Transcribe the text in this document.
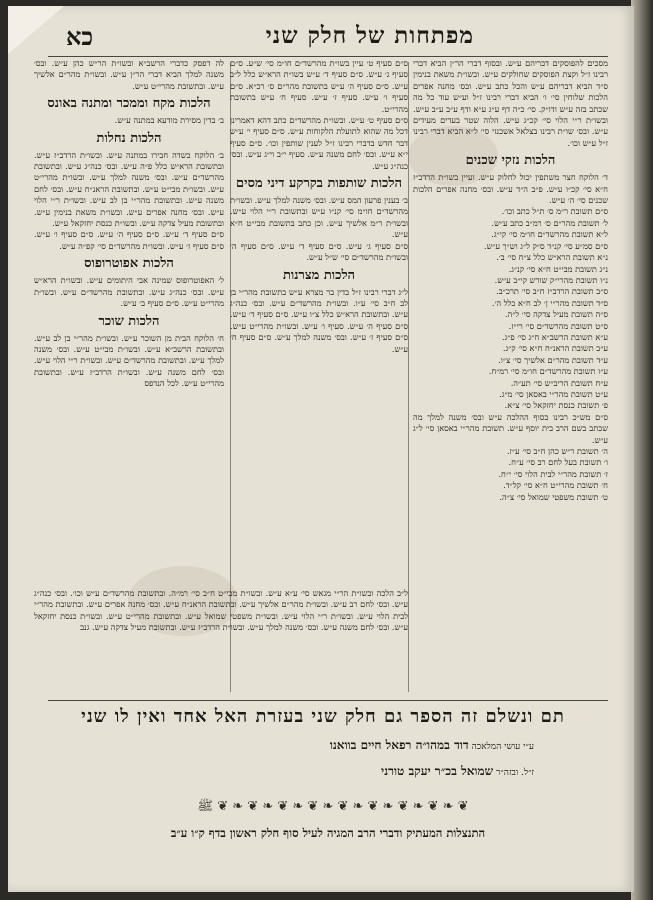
מפתחות של חלק שני
כא

מסכים להפוסקים דבריהם ע״ש. ובסוף דברי הר״ן הביא דברי רבינו ז״ל וקצת הפוסקים שחולקים ע״ש. ובשו״ת משאת בנימין ס״ד הביא דבריהם ע״ש והכל כתב ע״ש. ובס׳ מחנה אפרים הלכות שלוחין סי׳ ו׳ הביא דברי רבינו ז״ל וע״ש עוד כל מה שכתב בזה ע״ש ודו״ק. סי׳ כ״ה דף ע״ג ע״א ודף ע״ב ע״ב ע״ש. ובשו״ת ר״י הלוי סי׳ קכ״ג ע״ש. הלוה שטר בעדים מעידים ע״ש. ובס׳ שו״ת רבינו בצלאל אשכנזי סי׳ ל״א הביא דברי רבינו ז״ל ע״ש וכו׳.

הלכות נזקי שכנים

ד׳ הלוקח חצר משתפין יכול לחלוק ע״ש. ועיין בשו״ת הרדב״ז ח״א סי׳ קכ״ו ע״ש. פ״ב ה״ד ע״ש. ובס׳ מחנה אפרים הלכות שכנים סי׳ ה׳ ע״ש.

ס״ם תשובת ר״מ ס׳ ת״ל כתב וכו׳.

ל׳ תשובת מהר״ם ס׳ רמ״ב כתב ע״ש.

ל״א תשובת מהרשד״ם חו״מ סי׳ קי״ג.

ס״ם סמ״ע סי׳ קנ״ד ס״ק ל״ג וש״ך ע״ש.

נ״א תשובת הרא״ש כלל צ״ח סי׳ ב׳.

נ״ג תשובת מבי״ט ח״א סי׳ קנ״ג.

נ״ו תשובת מהרי״ק שורש קי״ב ע״ש.

ס״ב תשובת הרדב״ז ח״ב סי׳ תרכ״ב.

ס״ד תשובת מהר״י ן׳ לב ח״א כלל ה׳.

ס״ה תשובת מעיל צדקה סי׳ ל״ה.

ס״ט תשובת מהרשד״ם סי׳ רי״ז.

ע״א תשובת הרשב״א ח״ג סי׳ פ״ג.

ע״ב תשובת הראנ״ח ח״א סי׳ ק״ג.

ע״ד תשובת מהר״ם אלשיך סי׳ צ״ו.

ע״ו תשובת מהרשד״ם חו״מ סי׳ רמ״ח.

ע״ח תשובת הריב״ש סי׳ תע״ה.

ע״ט תשובת מהר״י באסאן סי׳ מ״ג.

פ׳ תשובת כנסת יחזקאל סי׳ צ״א.

ס״ם מש״כ רבינו בסוף ההלכה ע״ש ובס׳ משנה למלך מה שכתב בשם הרב בית יוסף ע״ש. תשובת מהר״י באסאן סי׳ ל״ג ע״ש.

ה׳ תשובת ר״ש כהן ח״ב סי׳ ע״ז.

ו׳ תשובת בעל לחם רב סי׳ ע״ח.

ז׳ תשובת מהר״י לבית הלוי סי׳ י״ח.

ח׳ תשובת מהרי״ט ח״א סי׳ קל״ד.

ט׳ תשובת משפטי שמואל סי׳ צ״ה.

ס״ם סעיף ט׳ עיין בשו״ת מהרשד״ם חו״מ סי׳ ש״ע. ס״ם סעיף ג׳ ע״ש. ס״ם סעיף ד׳ ע״ש בשו״ת הרא״ש כלל ל״ב ע״ש. ס״ם סעיף ה׳ ע״ש בתשובת מהר״ם ס׳ רכ״א. ס״ם סעיף ו׳ ע״ש. סעיף ז׳ ע״ש. סעיף ח׳ ע״ש בתשובת מהרי״ט.

ס״ם סעיף ט׳ ע״ש. ובשו״ת מהרשד״ם כתב דהא דאמרינן דכל מה שהוא לתועלת הלקוחות ע״ש. ס״ם סעיף י׳ ע״ש דבר חדש בדברי רבינו ז״ל לענין שותפין וכו׳. ס״ם סעיף י״א ע״ש. ובס׳ לחם משנה ע״ש. סעיף י״ב וי״ג ע״ש. ובס׳ כנה״ג ע״ש.

הלכות שותפות בקרקע דיני מסים

ב׳ בענין פרעון המס ע״ש. ובס׳ משנה למלך ע״ש. ובשו״ת מהרשד״ם חו״מ סי׳ קנ״ו ע״ש ובתשובת ר״י הלוי ע״ש. ובשו״ת ר״מ אלשיך ע״ש. וכן כתב בתשובת מבי״ט ח״א ע״ש.

ס״ם סעיף ג׳ ע״ש. ס״ם סעיף ד׳ ע״ש. ס״ם סעיף ה׳ ובשו״ת מהרשד״ם סי׳ ש״ל ע״ש.

הלכות מצרנות

ל״ג דברי רבינו ז״ל בדין בר מצרא ע״ש בתשובת מהר״י בן לב ח״ב סי׳ ע״ו. ובשו״ת מהרשד״ם ע״ש. ובס׳ כנה״ג ע״ש. ובתשובת הרא״ש כלל צ״ו ע״ש. ס״ם סעיף ד׳ ע״ש. ס״ם סעיף ה׳ ע״ש. סעיף ו׳ ע״ש. ובשו״ת מהרי״ט ע״ש. ס״ם סעיף ז׳ ע״ש. ובס׳ משנה למלך ע״ש. ס״ם סעיף ח׳ ע״ש.

לה דפסק כדברי הרשב״א ובשו״ת הר״ש כהן ע״ש. ובס׳ משנה למלך הביא דברי הר״ן ע״ש. ובשו״ת מהר״ם אלשיך ע״ש. ובתשובת מהרי״ט ע״ש.

הלכות מקח וממכר ומתנה באונס

ב׳ בדין מסירת מודעא במתנה ע״ש.

הלכות נחלות

ב׳ הלוקח בשדה חבירו במתנה ע״ש. ובשו״ת הרדב״ז ע״ש. ובתשובת הרא״ש כלל פ״ה ע״ש. ובס׳ כנה״ג ע״ש. ובתשובת מהרשד״ם ע״ש. ובס׳ משנה למלך ע״ש. ובשו״ת מהרי״ט ע״ש. ובשו״ת מבי״ט ע״ש. ובתשובת הראנ״ח ע״ש. ובס׳ לחם משנה ע״ש. ובתשובת מהר״י בן לב ע״ש. ובשו״ת ר״י הלוי ע״ש. ובס׳ מחנה אפרים ע״ש. ובשו״ת משאת בנימין ע״ש. ובתשובת מעיל צדקה ע״ש. ובשו״ת כנסת יחזקאל ע״ש.

ס״ם סעיף ד׳ ע״ש. ס״ם סעיף ה׳ ע״ש. ס״ם סעיף ו׳ ע״ש. ס״ם סעיף ז׳ ע״ש. ובשו״ת מהרשד״ם סי׳ קפ״ה ע״ש.

הלכות אפוטרופוס

ל׳ האפוטרופוס שמינה אבי היתומים ע״ש. ובשו״ת הרא״ש ע״ש. ובס׳ כנה״ג ע״ש. ובתשובת מהרשד״ם ע״ש. ובשו״ת מהרי״ט ע״ש. ס״ם סעיף ב׳ ע״ש.

הלכות שוכר

ח׳ הלוקח הבית מן השוכר ע״ש. ובשו״ת מהר״י בן לב ע״ש. ובתשובת הרשב״א ע״ש. ובשו״ת מבי״ט ע״ש. ובס׳ משנה למלך ע״ש. ובתשובת מהרשד״ם ע״ש. ובשו״ת ר״י הלוי ע״ש. ובס׳ לחם משנה ע״ש. ובשו״ת הרדב״ז ע״ש. ובתשובת מהרי״ט ע״ש. לכל הנדפס

ל״ב הלכה ובשו״ת הר״י מגאש סי׳ ע״א ע״ש. ובשו״ת מבי״ט ח״ב סי׳ רמ״ה. ובתשובת מהרשד״ם ע״ש וכו׳. ובס׳ כנה״ג ע״ש. ובס׳ לחם רב ע״ש. ובשו״ת מהר״ם אלשיך ע״ש. ובתשובת הראנ״ח ע״ש. ובס׳ מחנה אפרים ע״ש. ובתשובת מהר״י לבית הלוי ע״ש. ובשו״ת ר״י הלוי ע״ש. ובשו״ת משפטי שמואל ע״ש. ובתשובת מהרי״ט ע״ש. ובשו״ת כנסת יחזקאל ע״ש. ובס׳ לחם משנה ע״ש. ובס׳ משנה למלך ע״ש. ובשו״ת הרדב״ז ע״ש. ובתשובת מעיל צדקה ע״ש. גנב

תם ונשלם זה הספר גם חלק שני בעזרת האל אחד ואין לו שני
ע״י עושי המלאכה דוד במהו״ה רפאל חיים בוואנו
ז״ל. ובזה״ר שמואל בכ״ר יעקב טורני
ﷺ ❦ ❧ ❦ ❧ ❦ ❧ ❦ ❧ ❦ ❧ ❦ ❧ ❦ ❧ ❦ ❧ ❦
התנצלות המעתיק ודברי הרב המגיה לעיל סוף חלק ראשון בדף ק״ו ע״ב
